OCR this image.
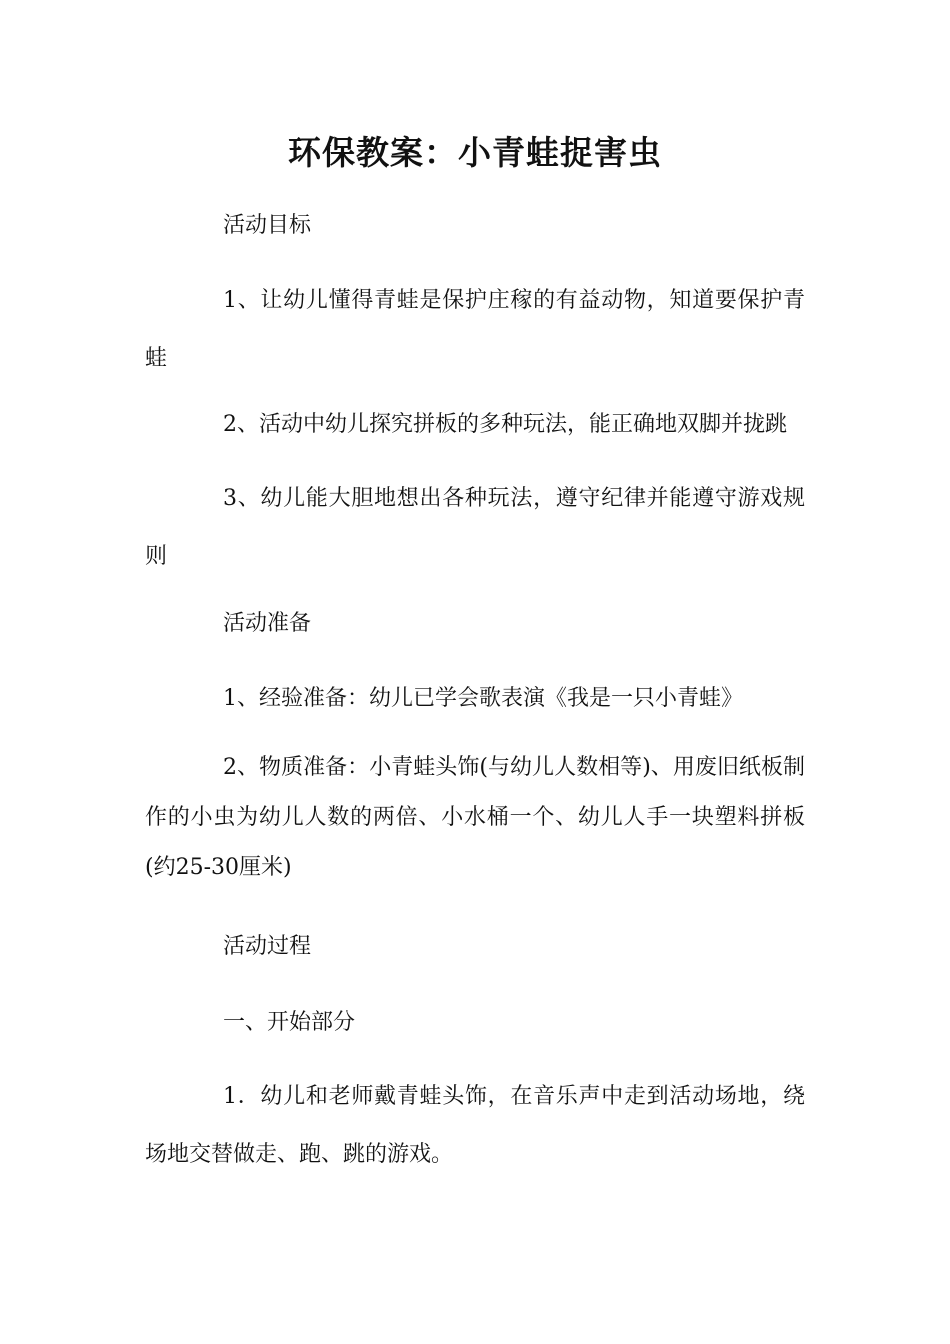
环保教案：小青蛙捉害虫
活动目标
1、让幼儿懂得青蛙是保护庄稼的有益动物，知道要保护青蛙
2、活动中幼儿探究拼板的多种玩法，能正确地双脚并拢跳
3、幼儿能大胆地想出各种玩法，遵守纪律并能遵守游戏规则
活动准备
1、经验准备：幼儿已学会歌表演《我是一只小青蛙》
2、物质准备：小青蛙头饰(与幼儿人数相等)、用废旧纸板制作的小虫为幼儿人数的两倍、小水桶一个、幼儿人手一块塑料拼板(约25-30厘米)
活动过程
一、开始部分
1．幼儿和老师戴青蛙头饰，在音乐声中走到活动场地，绕场地交替做走、跑、跳的游戏。
